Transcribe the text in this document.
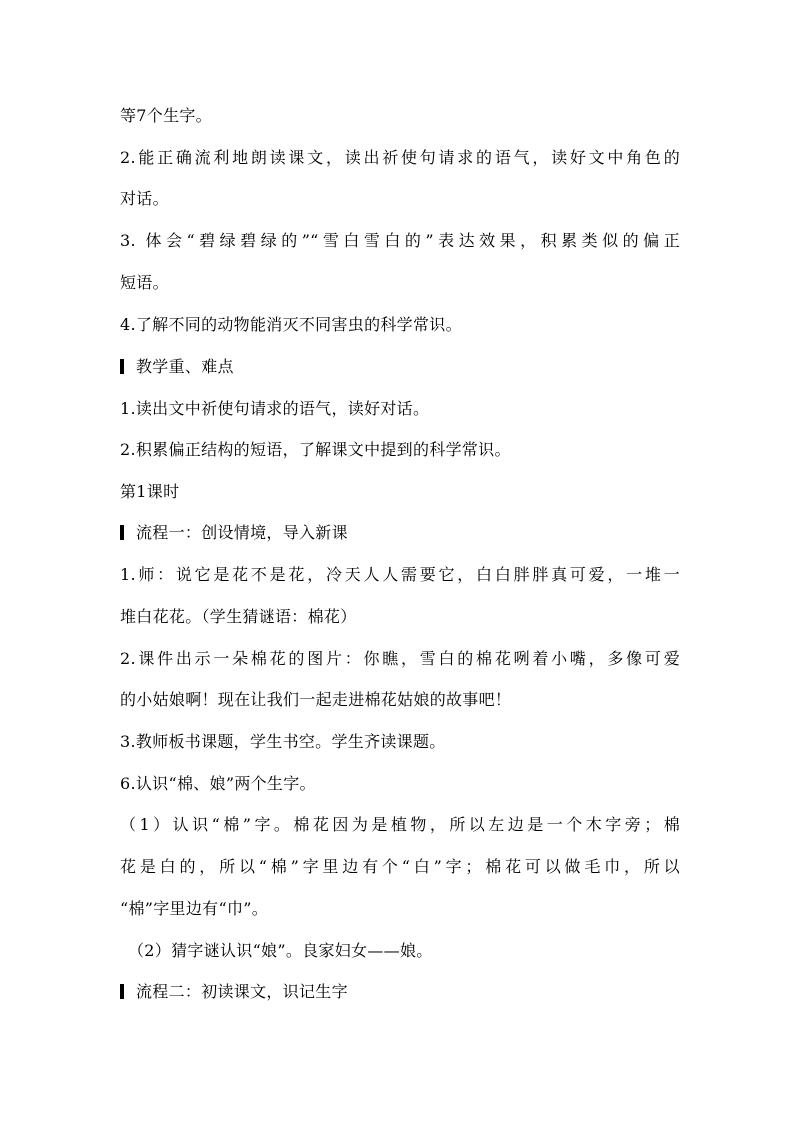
等7个生字。
2.能正确流利地朗读课文，读出祈使句请求的语气，读好文中角色的
对话。
3. 体会“碧绿碧绿的”“雪白雪白的”表达效果，积累类似的偏正
短语。
4.了解不同的动物能消灭不同害虫的科学常识。
教学重、难点
1.读出文中祈使句请求的语气，读好对话。
2.积累偏正结构的短语，了解课文中提到的科学常识。
第1课时
流程一：创设情境，导入新课
1.师：说它是花不是花，冷天人人需要它，白白胖胖真可爱，一堆一
堆白花花。（学生猜谜语：棉花）
2.课件出示一朵棉花的图片：你瞧，雪白的棉花咧着小嘴，多像可爱
的小姑娘啊！现在让我们一起走进棉花姑娘的故事吧！
3.教师板书课题，学生书空。学生齐读课题。
6.认识“棉、娘”两个生字。
（1）认识“棉”字。棉花因为是植物，所以左边是一个木字旁；棉
花是白的，所以“棉”字里边有个“白”字；棉花可以做毛巾，所以
“棉”字里边有“巾”。
（2）猜字谜认识“娘”。良家妇女——娘。
流程二：初读课文，识记生字
